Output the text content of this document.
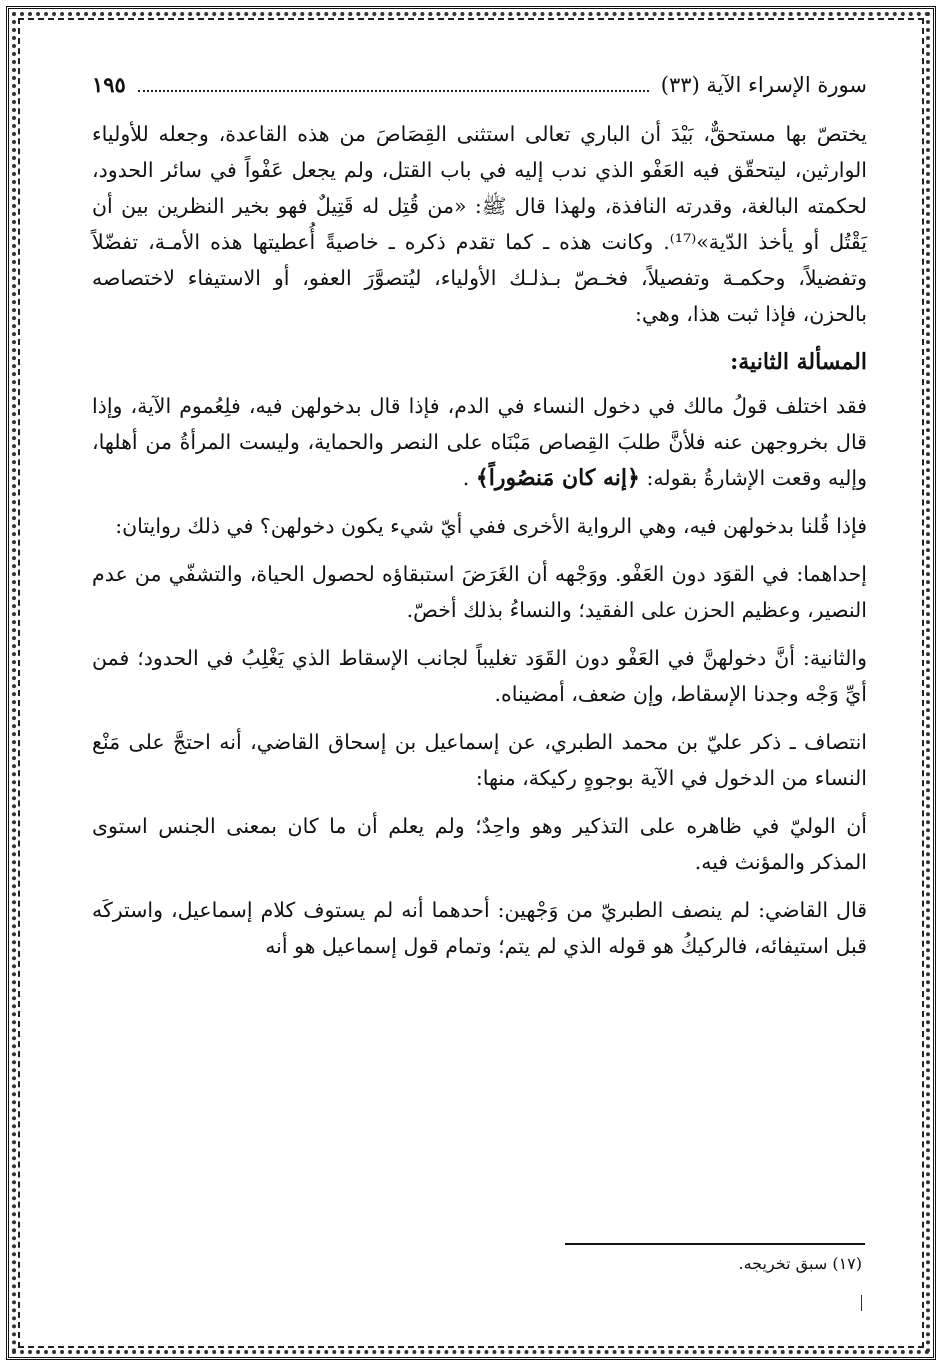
سورة الإسراء الآية (٣٣)
١٩٥

يختصّ بها مستحقٌّ، بَيْدَ أن الباري تعالى استثنى القِصَاصَ من هذه القاعدة، وجعله للأولياء الوارثين، ليتحقّق فيه العَفْو الذي ندب إليه في باب القتل، ولم يجعل عَفْواً في سائر الحدود، لحكمته البالغة، وقدرته النافذة، ولهذا قال ﷺ: «من قُتِل له قَتِيلٌ فهو بخير النظرين بين أن يَقْتُل أو يأخذ الدّية»⁽¹⁷⁾. وكانت هذه ـ كما تقدم ذكره ـ خاصيةً أُعطيتها هذه الأمـة، تفضّلاً وتفضيلاً، وحكمـة وتفصيلاً، فخـصّ بـذلـك الأولياء، ليُتصوَّرَ العفو، أو الاستيفاء لاختصاصه بالحزن، فإذا ثبت هذا، وهي:

المسألة الثانية:

فقد اختلف قولُ مالك في دخول النساء في الدم، فإذا قال بدخولهن فيه، فلِعُموم الآية، وإذا قال بخروجهن عنه فلأنَّ طلبَ القِصاص مَبْنَاه على النصر والحماية، وليست المرأةُ من أهلها، وإليه وقعت الإشارةُ بقوله: ﴿إنه كان مَنصُوراً﴾ .

فإذا قُلنا بدخولهن فيه، وهي الرواية الأخرى ففي أيّ شيء يكون دخولهن؟ في ذلك روايتان:

إحداهما: في القوَد دون العَفْو. ووَجْهه أن الغَرَضَ استبقاؤه لحصول الحياة، والتشفّي من عدم النصير، وعظيم الحزن على الفقيد؛ والنساءُ بذلك أخصّ.

والثانية: أنَّ دخولهنَّ في العَفْو دون القَوَد تغليباً لجانب الإسقاط الذي يَغْلِبُ في الحدود؛ فمن أيِّ وَجْه وجدنا الإسقاط، وإن ضعف، أمضيناه.

انتصاف ـ ذكر عليّ بن محمد الطبري، عن إسماعيل بن إسحاق القاضي، أنه احتجَّ على مَنْع النساء من الدخول في الآية بوجوهٍ ركيكة، منها:

أن الوليّ في ظاهره على التذكير وهو واحِدٌ؛ ولم يعلم أن ما كان بمعنى الجنس استوى المذكر والمؤنث فيه.

قال القاضي: لم ينصف الطبريّ من وَجْهين: أحدهما أنه لم يستوف كلام إسماعيل، واستركَه قبل استيفائه، فالركيكُ هو قوله الذي لم يتم؛ وتمام قول إسماعيل هو أنه

(١٧) سبق تخريجه.
